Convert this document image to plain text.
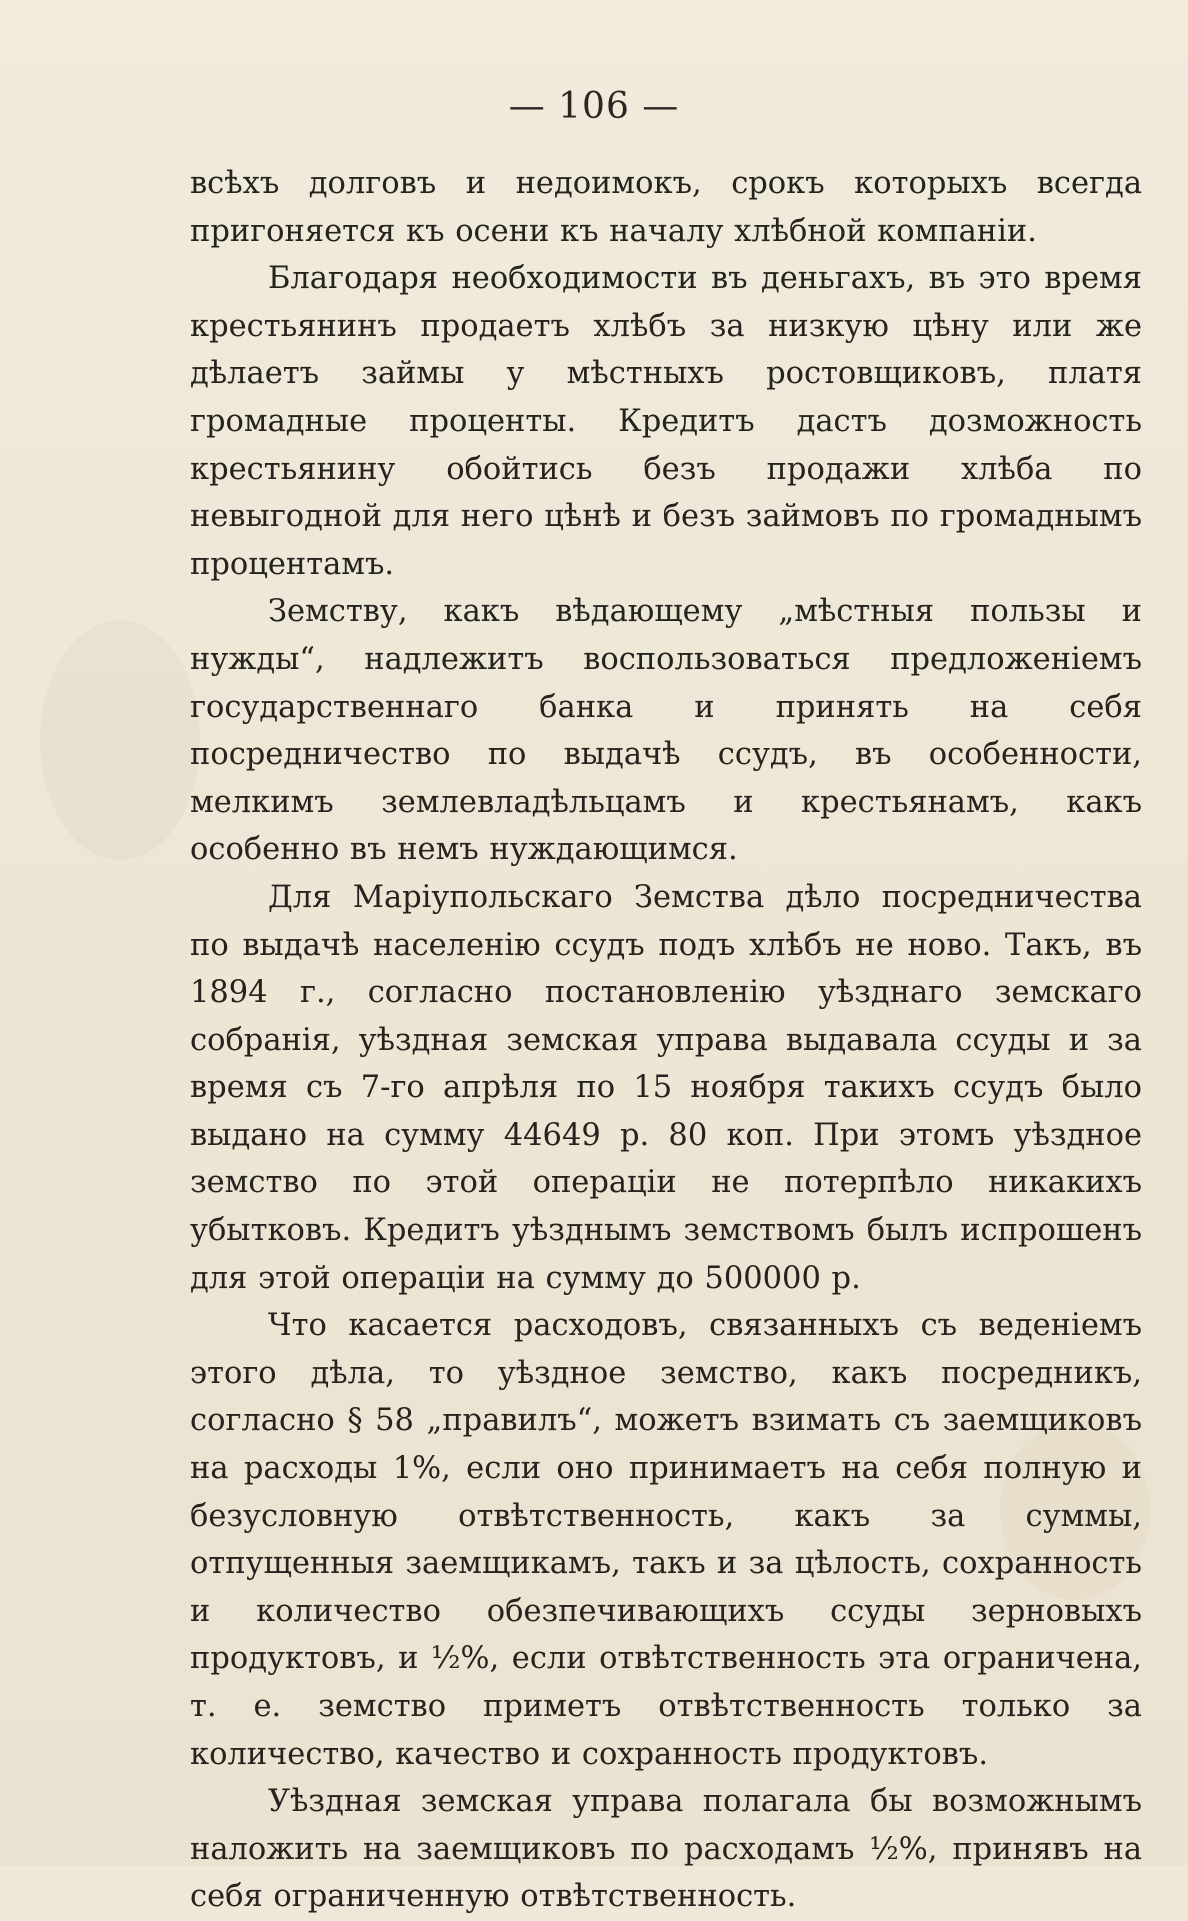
— 106 —

всѣхъ долговъ и недоимокъ, срокъ которыхъ всегда пригоняется къ осени къ началу хлѣбной компаніи.

Благодаря необходимости въ деньгахъ, въ это время крестьянинъ продаетъ хлѣбъ за низкую цѣну или же дѣлаетъ займы у мѣстныхъ ростовщиковъ, платя громадные проценты. Кредитъ дастъ дозможность крестьянину обойтись безъ продажи хлѣба по невыгодной для него цѣнѣ и безъ займовъ по громаднымъ процентамъ.

Земству, какъ вѣдающему „мѣстныя пользы и нужды“, надлежитъ воспользоваться предложеніемъ государственнаго банка и принять на себя посредничество по выдачѣ ссудъ, въ особенности, мелкимъ землевладѣльцамъ и крестьянамъ, какъ особенно въ немъ нуждающимся.

Для Маріупольскаго Земства дѣло посредничества по выдачѣ населенію ссудъ подъ хлѣбъ не ново. Такъ, въ 1894 г., согласно постановленію уѣзднаго земскаго собранія, уѣздная земская управа выдавала ссуды и за время съ 7-го апрѣля по 15 ноября такихъ ссудъ было выдано на сумму 44649 р. 80 коп. При этомъ уѣздное земство по этой операціи не потерпѣло никакихъ убытковъ. Кредитъ уѣзднымъ земствомъ былъ испрошенъ для этой операціи на сумму до 500000 р.

Что касается расходовъ, связанныхъ съ веденіемъ этого дѣла, то уѣздное земство, какъ посредникъ, согласно § 58 „правилъ“, можетъ взимать съ заемщиковъ на расходы 1%, если оно принимаетъ на себя полную и безусловную отвѣтственность, какъ за суммы, отпущенныя заемщикамъ, такъ и за цѣлость, сохранность и количество обезпечивающихъ ссуды зерновыхъ продуктовъ, и ½%, если отвѣтственность эта ограничена, т. е. земство приметъ отвѣтственность только за количество, качество и сохранность продуктовъ.

Уѣздная земская управа полагала бы возможнымъ наложить на заемщиковъ по расходамъ ½%, принявъ на себя ограниченную отвѣтственность.
